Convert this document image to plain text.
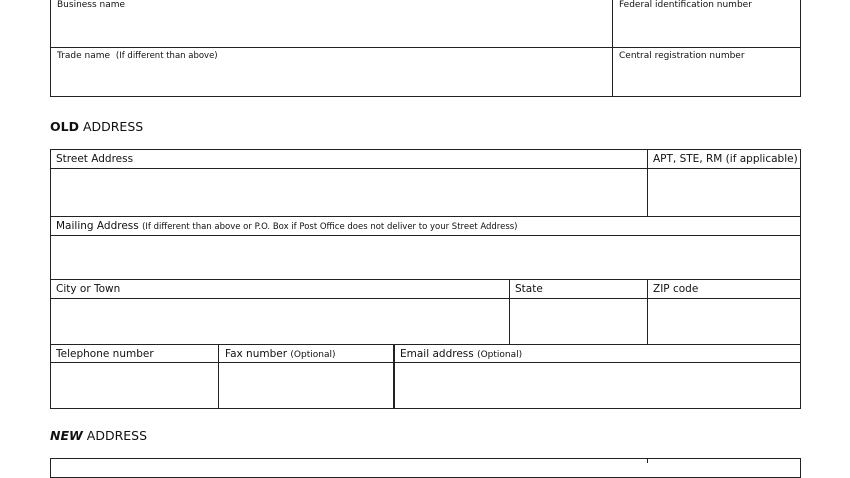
Business name	Federal identification number
Trade name (If different than above)	Central registration number
OLD ADDRESS
Street Address	APT, STE, RM (if applicable)
Mailing Address (If different than above or P.O. Box if Post Office does not deliver to your Street Address)
City or Town	State	ZIP code
Telephone number	Fax number (Optional)	Email address (Optional)
NEW ADDRESS
